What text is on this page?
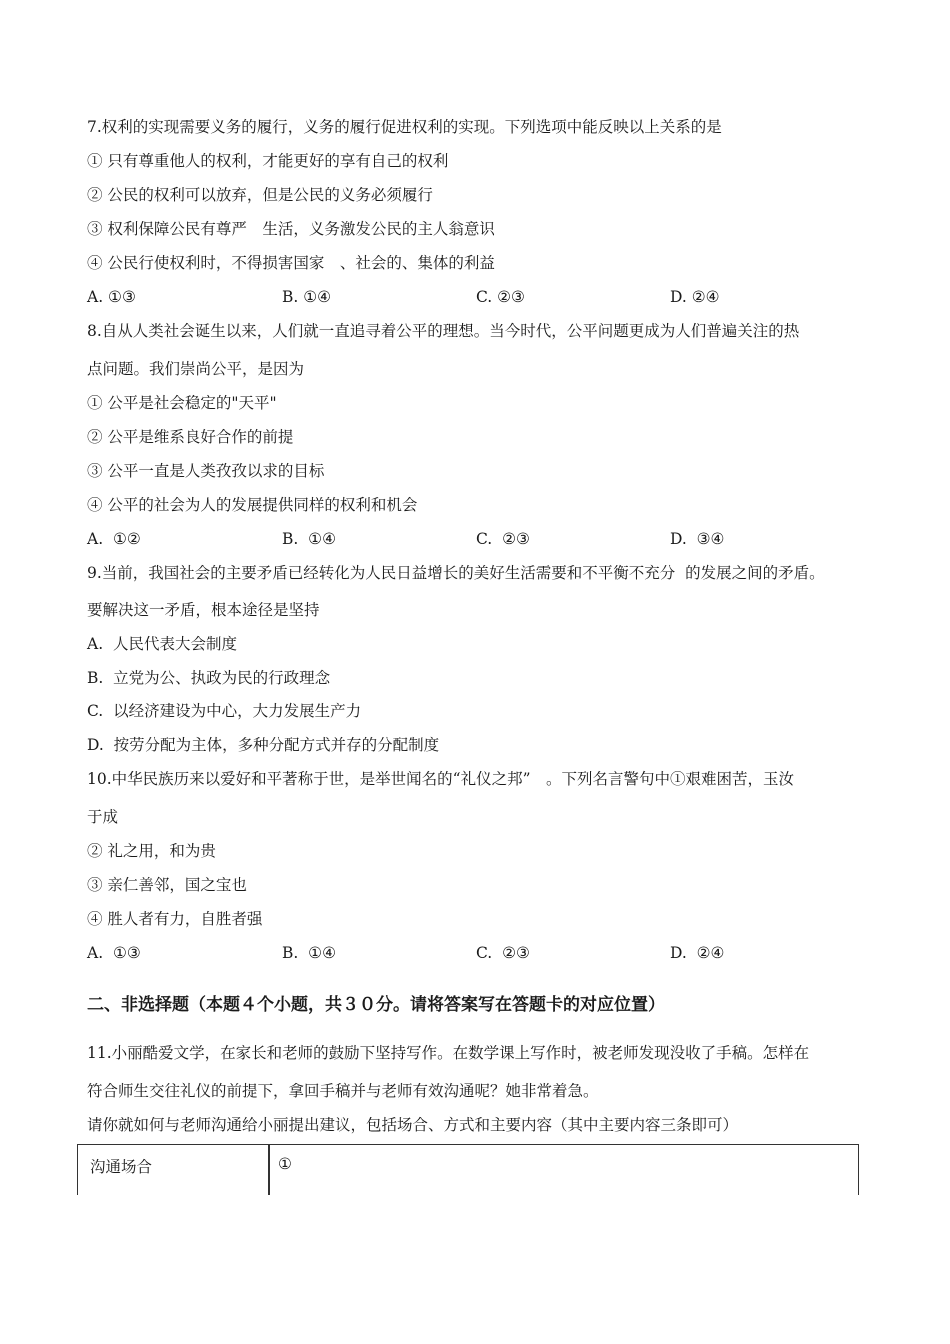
7.权利的实现需要义务的履行，义务的履行促进权利的实现。下列选项中能反映以上关系的是
① 只有尊重他人的权利，才能更好的享有自己的权利
② 公民的权利可以放弃，但是公民的义务必须履行
③ 权利保障公民有尊严　生活，义务激发公民的主人翁意识
④ 公民行使权利时，不得损害国家　、社会的、集体的利益
A. ①③	B. ①④	C. ②③	D. ②④
8.自从人类社会诞生以来，人们就一直追寻着公平的理想。当今时代，公平问题更成为人们普遍关注的热
点问题。我们崇尚公平，是因为
① 公平是社会稳定的"天平"
② 公平是维系良好合作的前提
③ 公平一直是人类孜孜以求的目标
④ 公平的社会为人的发展提供同样的权利和机会
A.  ①②	B.  ①④	C.  ②③	D.  ③④
9.当前，我国社会的主要矛盾已经转化为人民日益增长的美好生活需要和不平衡不充分  的发展之间的矛盾。
要解决这一矛盾，根本途径是坚持
A.  人民代表大会制度
B.  立党为公、执政为民的行政理念
C.  以经济建设为中心，大力发展生产力
D.  按劳分配为主体，多种分配方式并存的分配制度
10.中华民族历来以爱好和平著称于世，是举世闻名的“礼仪之邦”　。下列名言警句中①艰难困苦，玉汝
于成
② 礼之用，和为贵
③ 亲仁善邻，国之宝也
④ 胜人者有力，自胜者强
A.  ①③	B.  ①④	C.  ②③	D.  ②④
二、非选择题（本题４个小题，共３０分。请将答案写在答题卡的对应位置）
11.小丽酷爱文学，在家长和老师的鼓励下坚持写作。在数学课上写作时，被老师发现没收了手稿。怎样在
符合师生交往礼仪的前提下，拿回手稿并与老师有效沟通呢？她非常着急。
请你就如何与老师沟通给小丽提出建议，包括场合、方式和主要内容（其中主要内容三条即可）
沟通场合	①
